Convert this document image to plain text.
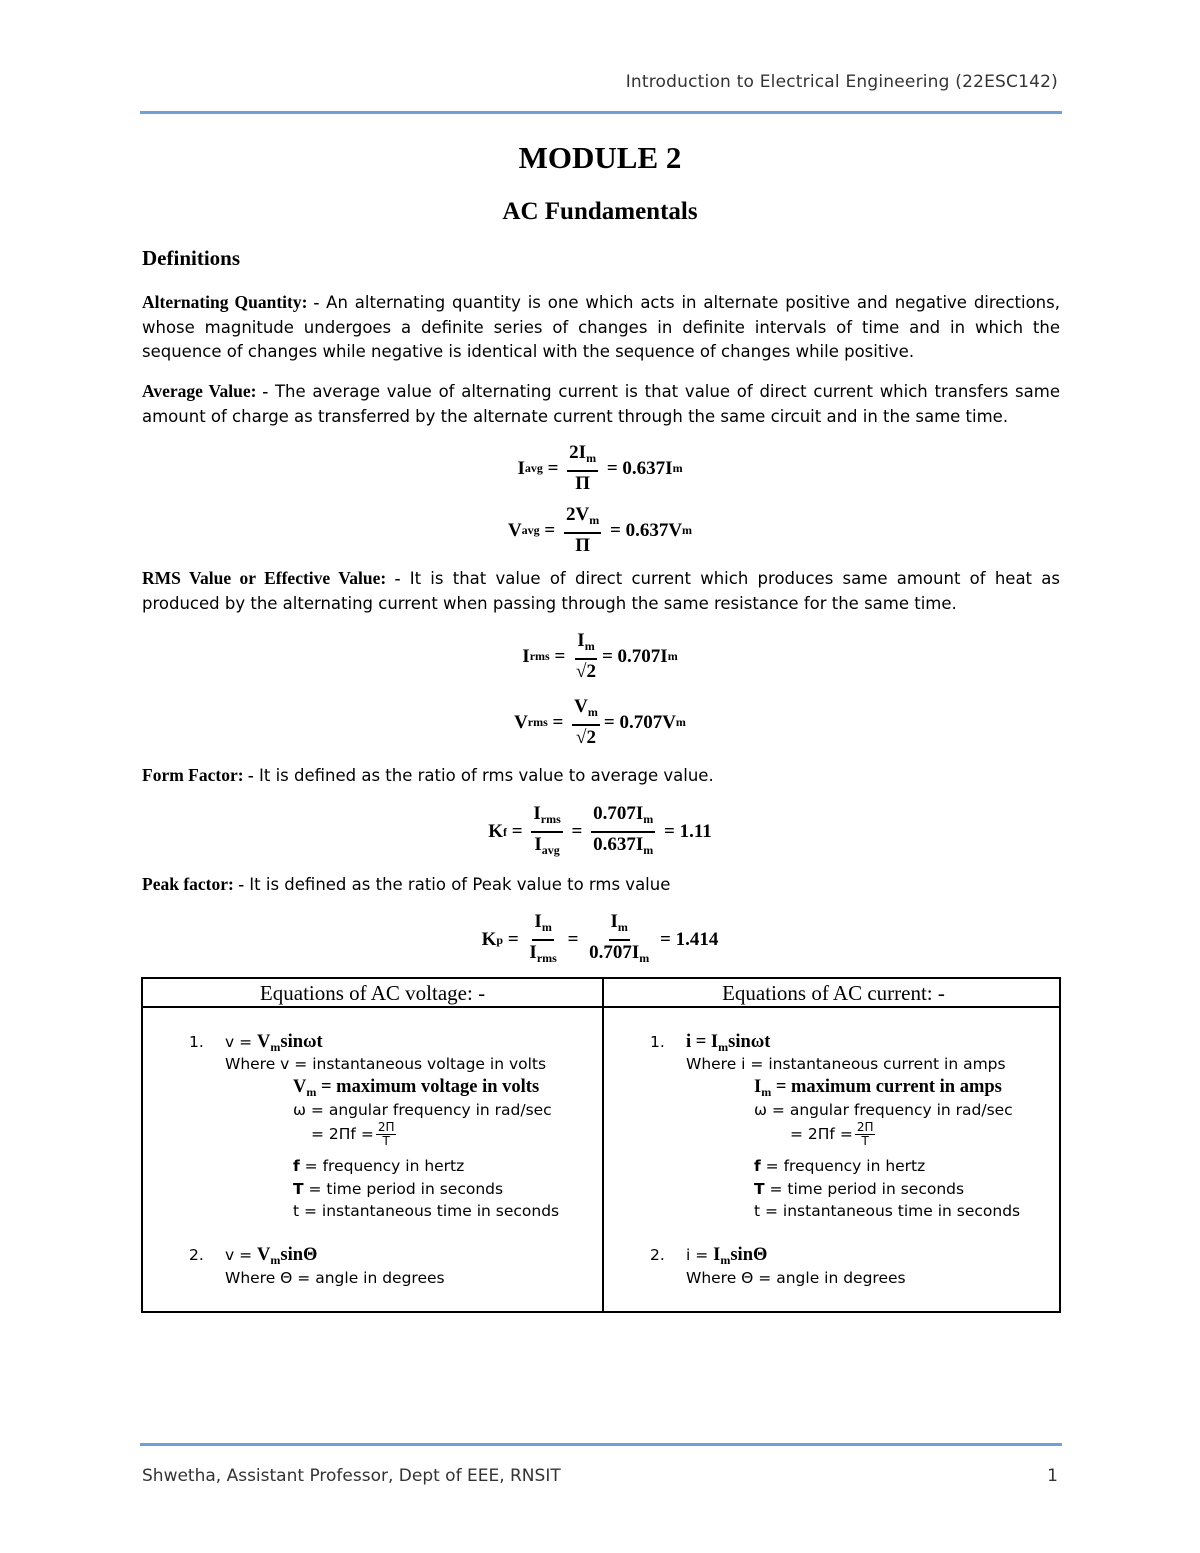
Introduction to Electrical Engineering (22ESC142)
MODULE 2
AC Fundamentals
Definitions
Alternating Quantity: - An alternating quantity is one which acts in alternate positive and negative directions, whose magnitude undergoes a definite series of changes in definite intervals of time and in which the sequence of changes while negative is identical with the sequence of changes while positive.
Average Value: - The average value of alternating current is that value of direct current which transfers same amount of charge as transferred by the alternate current through the same circuit and in the same time.
I avg = $\frac{2I_m}{\Pi} = 0.637I$ m
V avg = $\frac{2V_m}{\Pi} = 0.637V$ m
RMS Value or Effective Value: - It is that value of direct current which produces same amount of heat as produced by the alternating current when passing through the same resistance for the same time.
I rms = $\frac{I_m}{√2} = 0.707I$ m
V rms = $\frac{V_m}{√2} = 0.707V$ m
Form Factor: - It is defined as the ratio of rms value to average value.
K $f = \frac{I_{rms}}{I_{avg}} = \frac{0.707I_m}{0.637I_m} = 1.11$
Peak factor: - It is defined as the ratio of Peak value to rms value
K $p = \frac{I_m}{I_{rms}} = \frac{I_m}{0.707I_m} = 1.414$
Equations of AC voltage: -	Equations of AC current: -
1. $v = V_m\sin\omega t$
Where v = instantaneous voltage in volts
$V_m$ = maximum voltage in volts
ω = angular frequency in rad/sec
= $2\Pi f = \frac{2\Pi}{T}$
f = frequency in hertz
T = time period in seconds
t = instantaneous time in seconds
2. $v = V_m\sin\Theta$
Where Θ = angle in degrees
1. $i = I_m\sin\omega t$
Where i = instantaneous current in amps
$I_m$ = maximum current in amps
ω = angular frequency in rad/sec
= $2\Pi f = \frac{2\Pi}{T}$
f = frequency in hertz
T = time period in seconds
t = instantaneous time in seconds
2. $i = I_m\sin\Theta$
Where Θ = angle in degrees
Shwetha, Assistant Professor, Dept of EEE, RNSIT	1
